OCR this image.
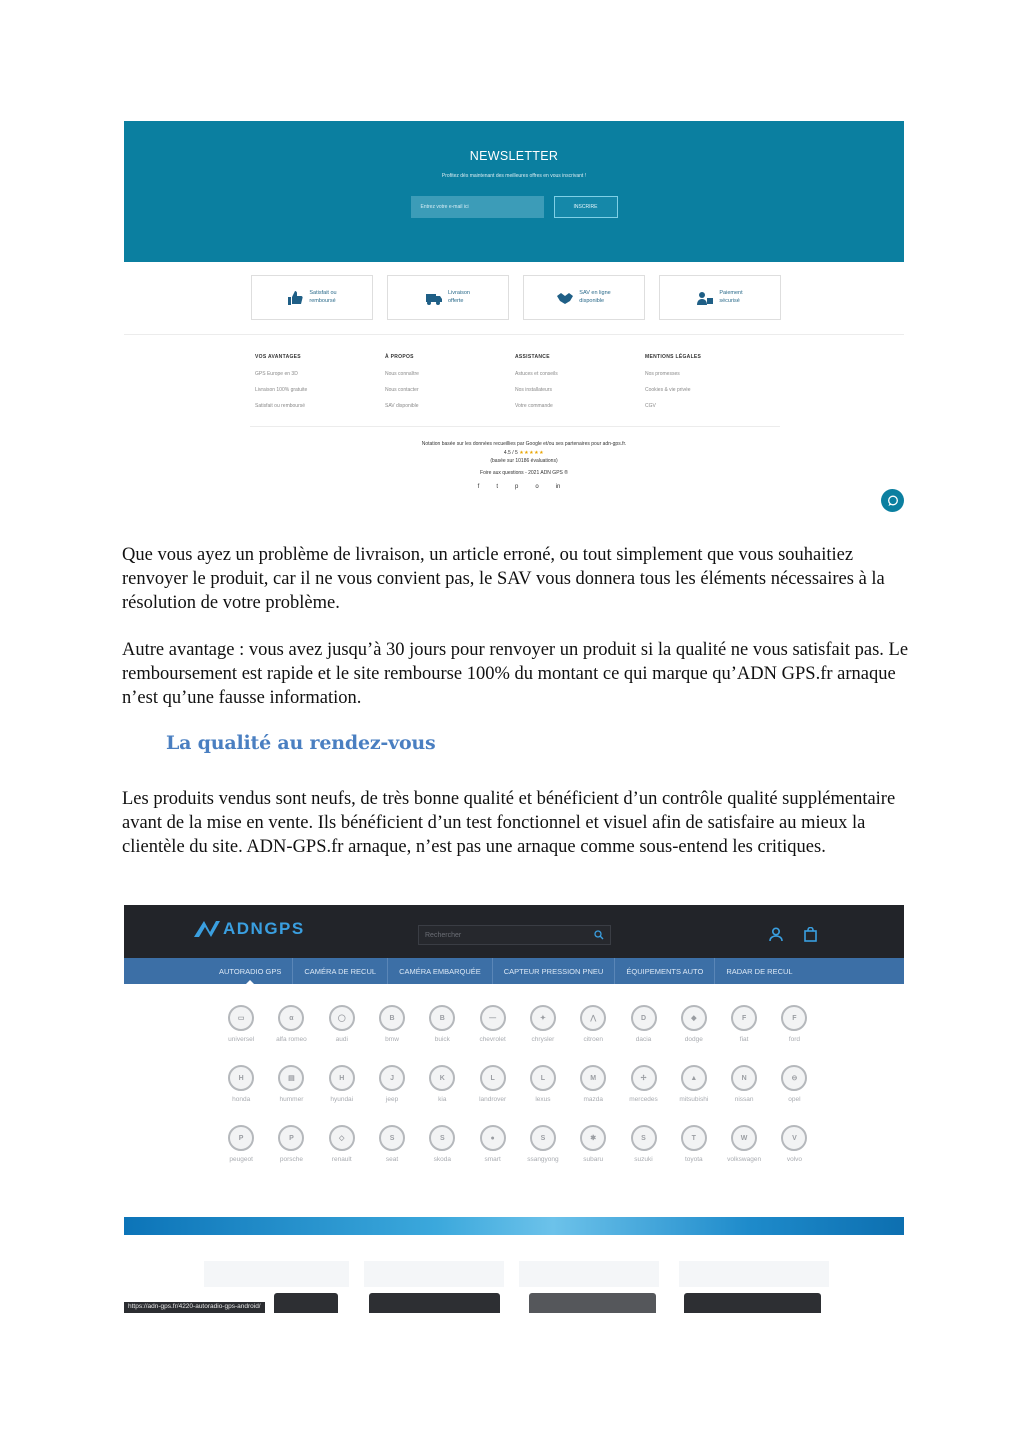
NEWSLETTER
Profitez dès maintenant des meilleures offres en vous inscrivant !
Entrez votre e-mail ici	INSCRIRE
Satisfait ou
remboursé
Livraison
offerte
SAV en ligne
disponible
Paiement
sécurisé
VOS AVANTAGES
GPS Europe en 3D
Livraison 100% gratuite
Satisfait ou remboursé
À PROPOS
Nous connaître
Nous contacter
SAV disponible
ASSISTANCE
Astuces et conseils
Nos installateurs
Votre commande
MENTIONS LÉGALES
Nos promesses
Cookies & vie privée
CGV
Notation basée sur les données recueillies par Google et/ou ses partenaires pour adn-gps.fr.
4.5 / 5 ★★★★★
(basée sur 10186 évaluations)
Foire aux questions - 2021 ADN GPS ®
f	t	p	o	in

Que vous ayez un problème de livraison, un article erroné, ou tout simplement que vous souhaitiez renvoyer le produit, car il ne vous convient pas, le SAV vous donnera tous les éléments nécessaires à la résolution de votre problème.

Autre avantage : vous avez jusqu’à 30 jours pour renvoyer un produit si la qualité ne vous satisfait pas. Le remboursement est rapide et le site rembourse 100% du montant ce qui marque qu’ADN GPS.fr arnaque n’est qu’une fausse information.

La qualité au rendez-vous

Les produits vendus sont neufs, de très bonne qualité et bénéficient d’un contrôle qualité supplémentaire avant de la mise en vente. Ils bénéficient d’un test fonctionnel et visuel afin de satisfaire au mieux la clientèle du site. ADN-GPS.fr arnaque, n’est pas une arnaque comme sous-entend les critiques.

ADNGPS	Rechercher
AUTORADIO GPS	CAMÉRA DE RECUL	CAMÉRA EMBARQUÉE	CAPTEUR PRESSION PNEU	ÉQUIPEMENTS AUTO	RADAR DE RECUL
▭
universel
α
alfa romeo
◯
audi
B
bmw
B
buick
—
chevrolet
✦
chrysler
⋀
citroen
D
dacia
◆
dodge
F
fiat
F
ford
H
honda
▤
hummer
H
hyundai
J
jeep
K
kia
L
landrover
L
lexus
M
mazda
✢
mercedes
▲
mitsubishi
N
nissan
⊖
opel
P
peugeot
P
porsche
◇
renault
S
seat
S
skoda
●
smart
S
ssangyong
✱
subaru
S
suzuki
T
toyota
W
volkswagen
V
volvo
https://adn-gps.fr/4220-autoradio-gps-android/
